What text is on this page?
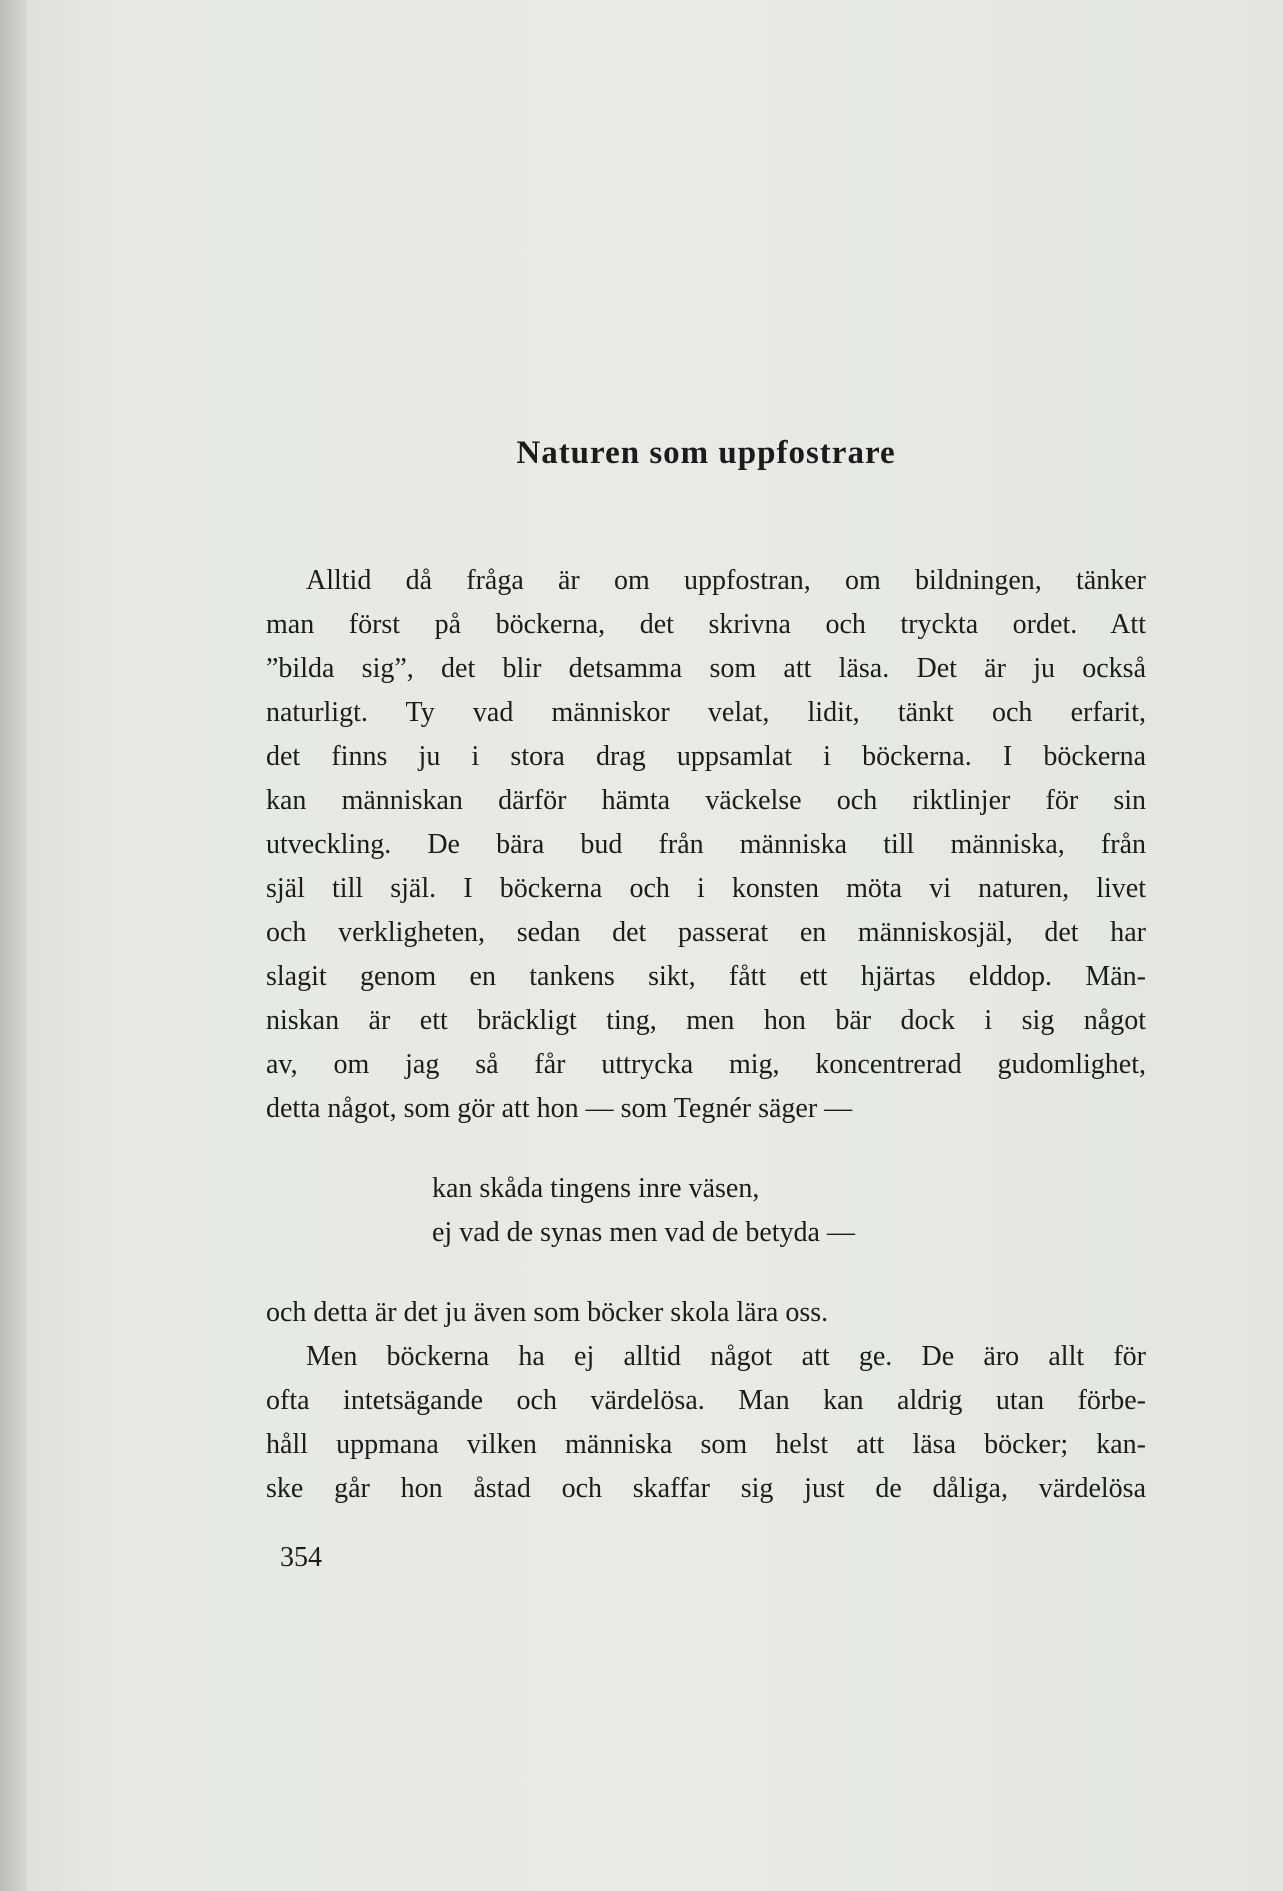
Naturen som uppfostrare

Alltid då fråga är om uppfostran, om bildningen, tänker
man först på böckerna, det skrivna och tryckta ordet. Att
”bilda sig”, det blir detsamma som att läsa. Det är ju också
naturligt. Ty vad människor velat, lidit, tänkt och erfarit,
det finns ju i stora drag uppsamlat i böckerna. I böckerna
kan människan därför hämta väckelse och riktlinjer för sin
utveckling. De bära bud från människa till människa, från
själ till själ. I böckerna och i konsten möta vi naturen, livet
och verkligheten, sedan det passerat en människosjäl, det har
slagit genom en tankens sikt, fått ett hjärtas elddop. Män-
niskan är ett bräckligt ting, men hon bär dock i sig något
av, om jag så får uttrycka mig, koncentrerad gudomlighet,
detta något, som gör att hon — som Tegnér säger —

kan skåda tingens inre väsen,
ej vad de synas men vad de betyda —

och detta är det ju även som böcker skola lära oss.

Men böckerna ha ej alltid något att ge. De äro allt för
ofta intetsägande och värdelösa. Man kan aldrig utan förbe-
håll uppmana vilken människa som helst att läsa böcker; kan-
ske går hon åstad och skaffar sig just de dåliga, värdelösa

354
